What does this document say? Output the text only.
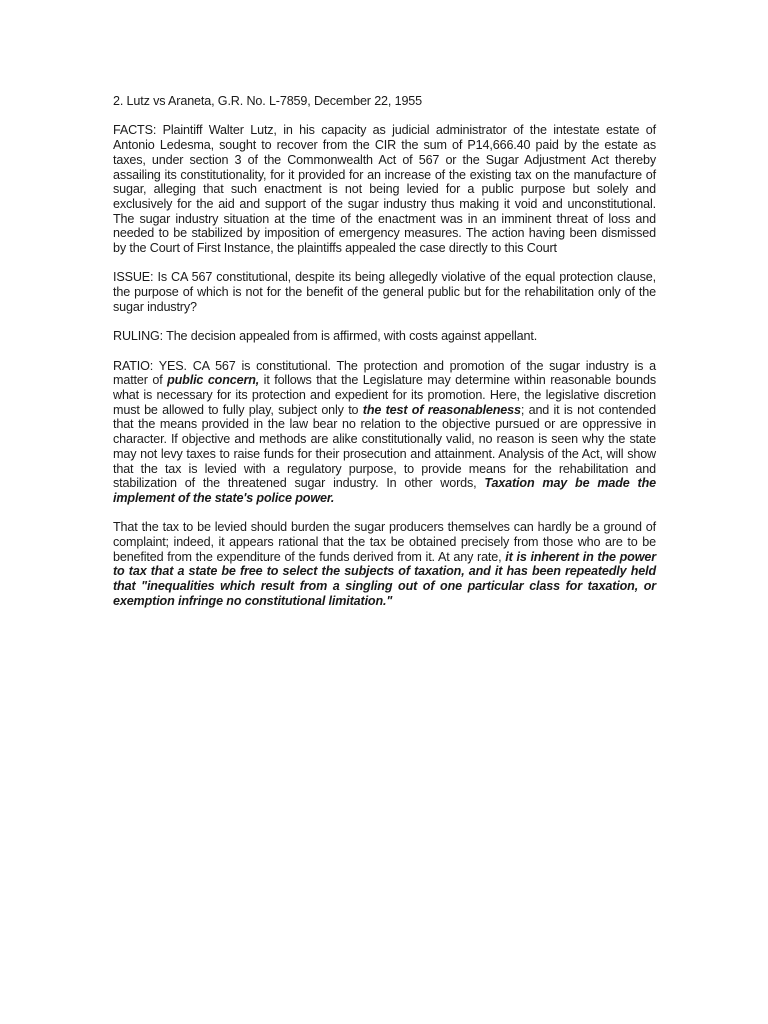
2. Lutz vs Araneta, G.R. No. L-7859, December 22, 1955

FACTS: Plaintiff Walter Lutz, in his capacity as judicial administrator of the intestate estate of Antonio Ledesma, sought to recover from the CIR the sum of P14,666.40 paid by the estate as taxes, under section 3 of the Commonwealth Act of 567 or the Sugar Adjustment Act thereby assailing its constitutionality, for it provided for an increase of the existing tax on the manufacture of sugar, alleging that such enactment is not being levied for a public purpose but solely and exclusively for the aid and support of the sugar industry thus making it void and unconstitutional. The sugar industry situation at the time of the enactment was in an imminent threat of loss and needed to be stabilized by imposition of emergency measures. The action having been dismissed by the Court of First Instance, the plaintiffs appealed the case directly to this Court

ISSUE: Is CA 567 constitutional, despite its being allegedly violative of the equal protection clause, the purpose of which is not for the benefit of the general public but for the rehabilitation only of the sugar industry?

RULING: The decision appealed from is affirmed, with costs against appellant.

RATIO: YES. CA 567 is constitutional. The protection and promotion of the sugar industry is a matter of public concern, it follows that the Legislature may determine within reasonable bounds what is necessary for its protection and expedient for its promotion. Here, the legislative discretion must be allowed to fully play, subject only to the test of reasonableness; and it is not contended that the means provided in the law bear no relation to the objective pursued or are oppressive in character. If objective and methods are alike constitutionally valid, no reason is seen why the state may not levy taxes to raise funds for their prosecution and attainment. Analysis of the Act, will show that the tax is levied with a regulatory purpose, to provide means for the rehabilitation and stabilization of the threatened sugar industry. In other words, Taxation may be made the implement of the state's police power.

That the tax to be levied should burden the sugar producers themselves can hardly be a ground of complaint; indeed, it appears rational that the tax be obtained precisely from those who are to be benefited from the expenditure of the funds derived from it. At any rate, it is inherent in the power to tax that a state be free to select the subjects of taxation, and it has been repeatedly held that "inequalities which result from a singling out of one particular class for taxation, or exemption infringe no constitutional limitation."
